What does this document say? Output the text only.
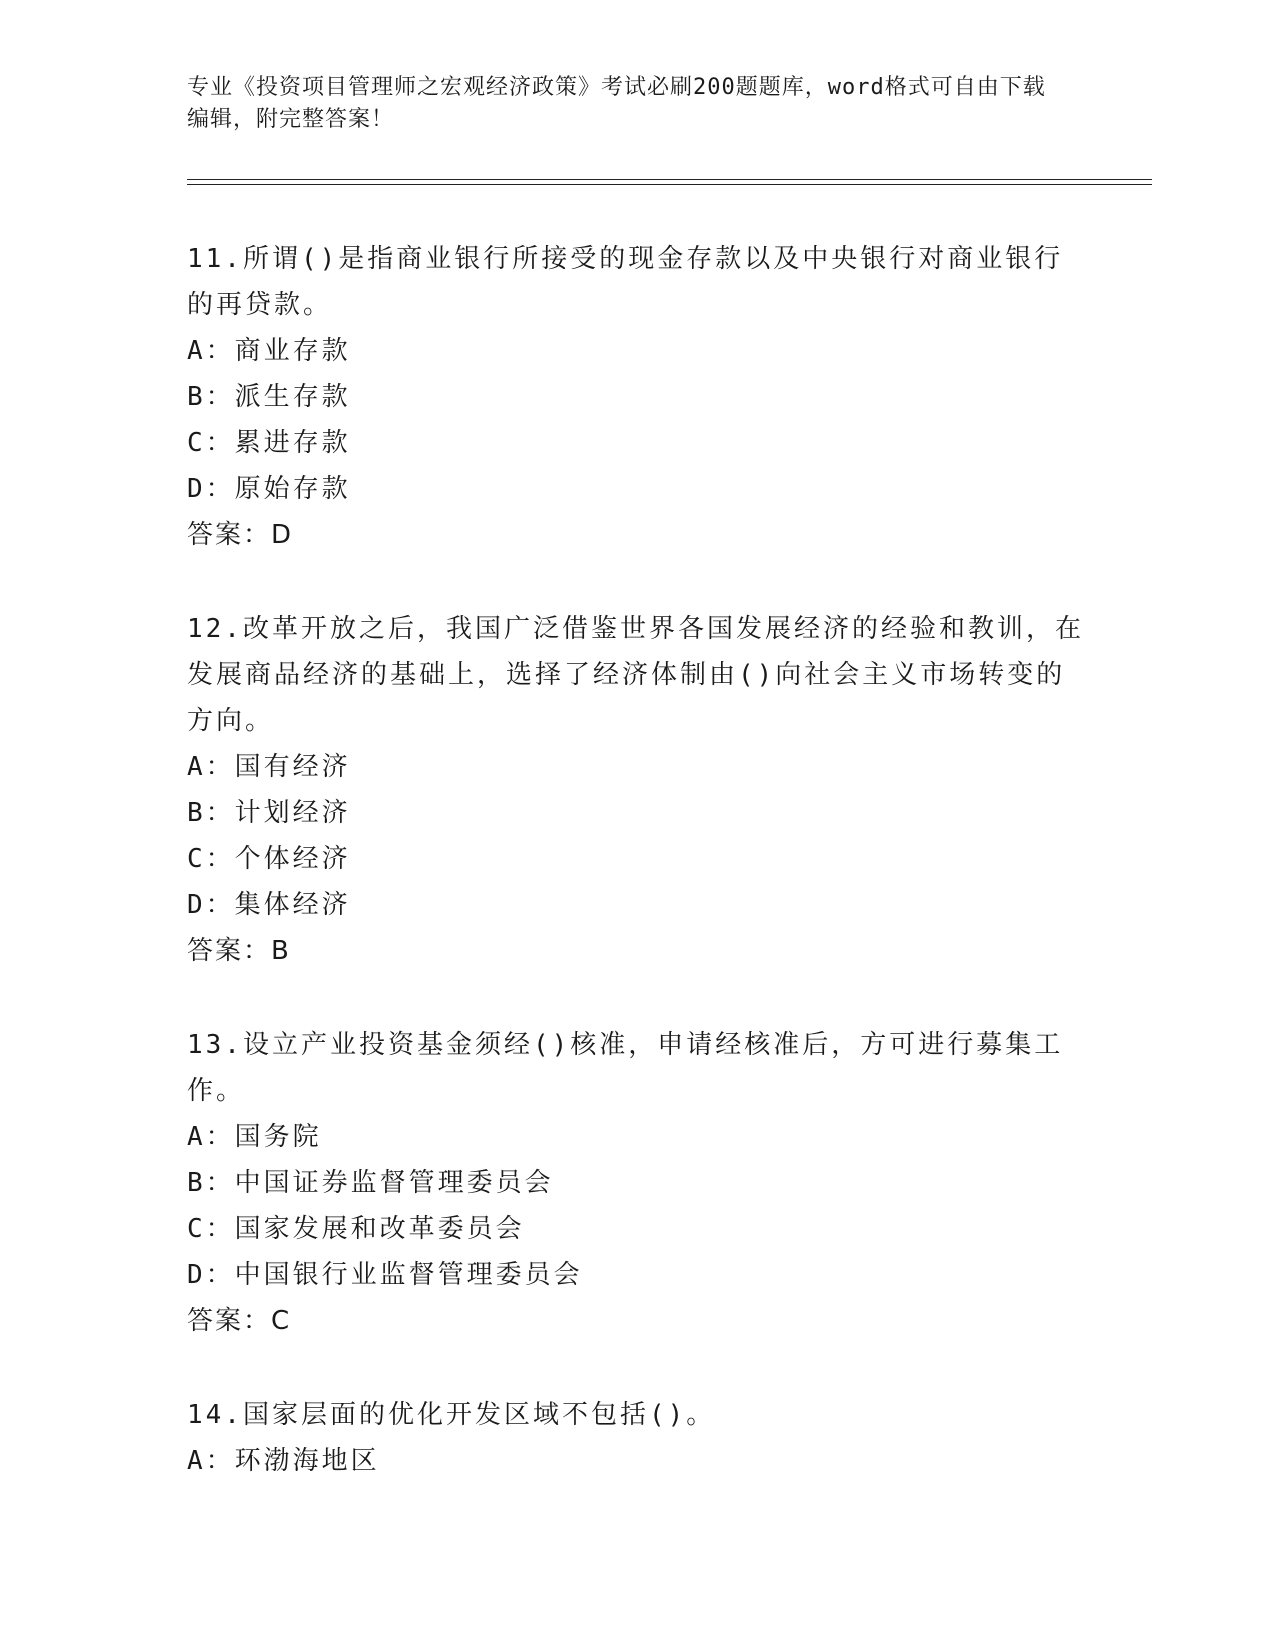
专业《投资项目管理师之宏观经济政策》考试必刷200题题库，word格式可自由下载编辑，附完整答案！

11.所谓()是指商业银行所接受的现金存款以及中央银行对商业银行的再贷款。

A：商业存款

B：派生存款

C：累进存款

D：原始存款

答案：D

12.改革开放之后，我国广泛借鉴世界各国发展经济的经验和教训，在发展商品经济的基础上，选择了经济体制由()向社会主义市场转变的方向。

A：国有经济

B：计划经济

C：个体经济

D：集体经济

答案：B

13.设立产业投资基金须经()核准，申请经核准后，方可进行募集工作。

A：国务院

B：中国证券监督管理委员会

C：国家发展和改革委员会

D：中国银行业监督管理委员会

答案：C

14.国家层面的优化开发区域不包括()。

A：环渤海地区
